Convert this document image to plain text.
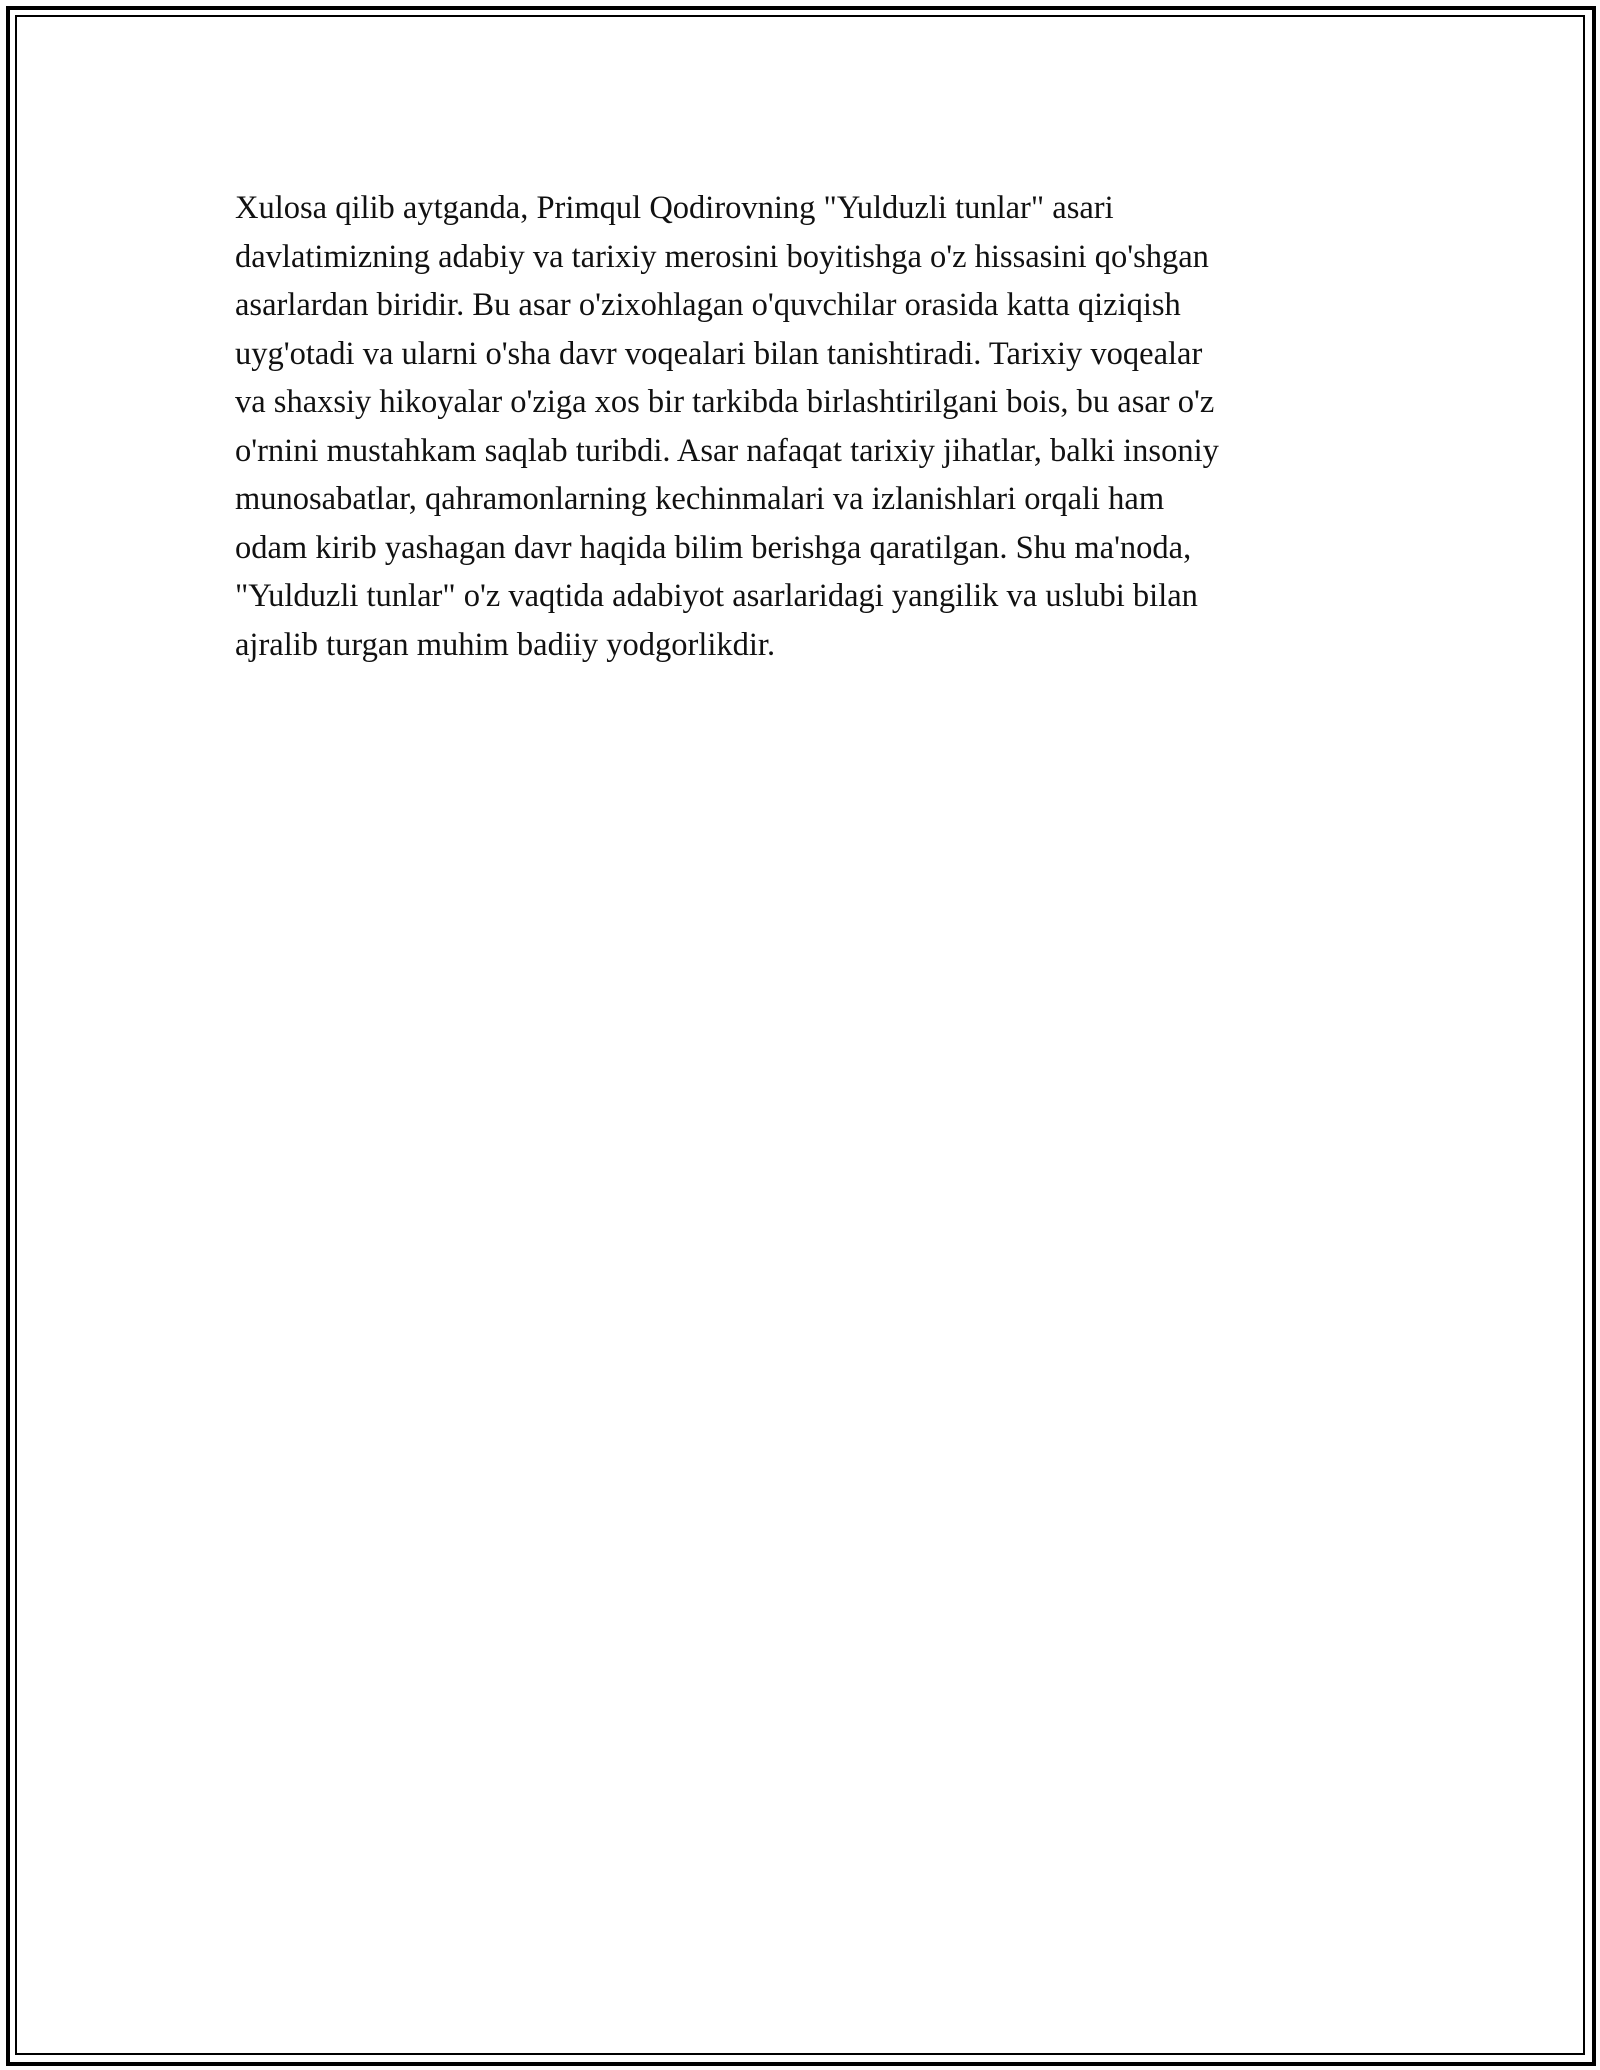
Xulosa qilib aytganda, Primqul Qodirovning "Yulduzli tunlar" asari
davlatimizning adabiy va tarixiy merosini boyitishga o'z hissasini qo'shgan
asarlardan biridir. Bu asar o'zixohlagan o'quvchilar orasida katta qiziqish
uyg'otadi va ularni o'sha davr voqealari bilan tanishtiradi. Tarixiy voqealar
va shaxsiy hikoyalar o'ziga xos bir tarkibda birlashtirilgani bois, bu asar o'z
o'rnini mustahkam saqlab turibdi. Asar nafaqat tarixiy jihatlar, balki insoniy
munosabatlar, qahramonlarning kechinmalari va izlanishlari orqali ham
odam kirib yashagan davr haqida bilim berishga qaratilgan. Shu ma'noda,
"Yulduzli tunlar" o'z vaqtida adabiyot asarlaridagi yangilik va uslubi bilan
ajralib turgan muhim badiiy yodgorlikdir.
